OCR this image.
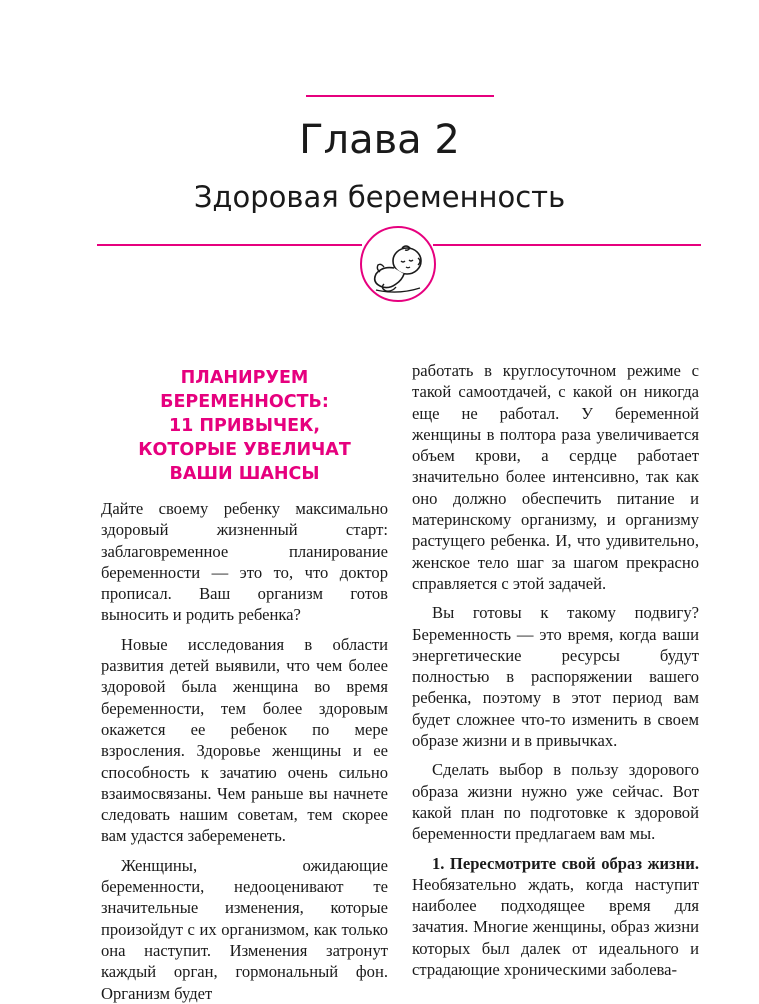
Глава 2
Здоровая беременность
ПЛАНИРУЕМ
БЕРЕМЕННОСТЬ:
11 ПРИВЫЧЕК,
КОТОРЫЕ УВЕЛИЧАТ
ВАШИ ШАНСЫ

Дайте своему ребенку максимально здоровый жизненный старт: заблаговременное планирование беременности — это то, что доктор прописал. Ваш организм готов выносить и родить ребенка?

Новые исследования в области развития детей выявили, что чем более здоровой была женщина во время беременности, тем более здоровым окажется ее ребенок по мере взросления. Здоровье женщины и ее способность к зачатию очень сильно взаимосвязаны. Чем раньше вы начнете следовать нашим советам, тем скорее вам удастся забеременеть.

Женщины, ожидающие беременности, недооценивают те значительные изменения, которые произойдут с их организмом, как только она наступит. Изменения затронут каждый орган, гормональный фон. Организм будет

работать в круглосуточном режиме с такой самоотдачей, с какой он никогда еще не работал. У беременной женщины в полтора раза увеличивается объем крови, а сердце работает значительно более интенсивно, так как оно должно обеспечить питание и материнскому организму, и организму растущего ребенка. И, что удивительно, женское тело шаг за шагом прекрасно справляется с этой задачей.

Вы готовы к такому подвигу? Беременность — это время, когда ваши энергетические ресурсы будут полностью в распоряжении вашего ребенка, поэтому в этот период вам будет сложнее что-то изменить в своем образе жизни и в привычках.

Сделать выбор в пользу здорового образа жизни нужно уже сейчас. Вот какой план по подготовке к здоровой беременности предлагаем вам мы.

1. Пересмотрите свой образ жизни. Необязательно ждать, когда наступит наиболее подходящее время для зачатия. Многие женщины, образ жизни которых был далек от идеального и страдающие хроническими заболева-
